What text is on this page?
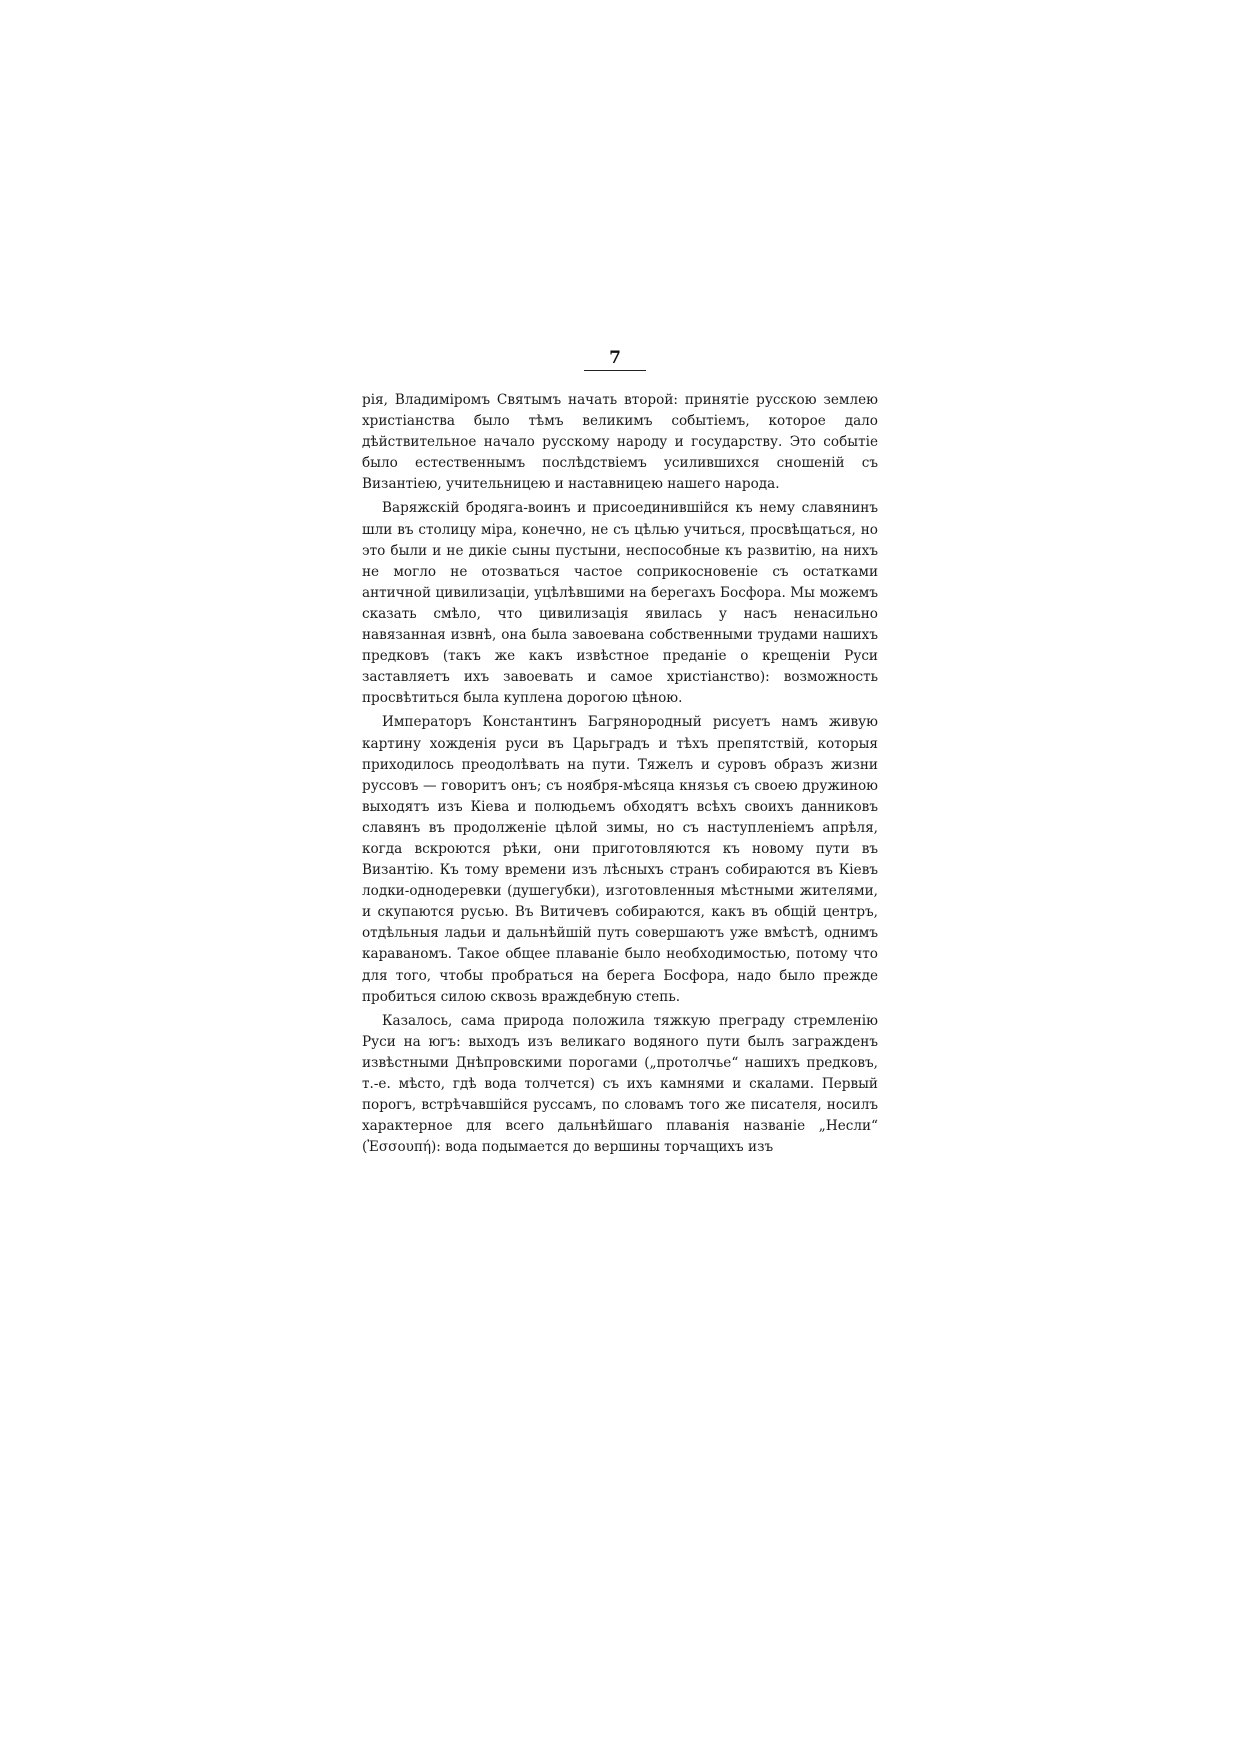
7

рія, Владиміромъ Святымъ начать второй: принятіе русскою землею христіанства было тѣмъ великимъ событіемъ, которое дало дѣйствительное начало русскому народу и государству. Это событіе было естественнымъ послѣдствіемъ усилившихся сношеній съ Византіею, учительницею и наставницею нашего народа.

Варяжскій бродяга-воинъ и присоединившійся къ нему славянинъ шли въ столицу міра, конечно, не съ цѣлью учиться, просвѣщаться, но это были и не дикіе сыны пустыни, неспособные къ развитію, на нихъ не могло не отозваться частое соприкосновеніе съ остатками античной цивилизаціи, уцѣлѣвшими на берегахъ Босфора. Мы можемъ сказать смѣло, что цивилизація явилась у насъ ненасильно навязанная извнѣ, она была завоевана собственными трудами нашихъ предковъ (такъ же какъ извѣстное преданіе о крещеніи Руси заставляетъ ихъ завоевать и самое христіанство): возможность просвѣтиться была куплена дорогою цѣною.

Императоръ Константинъ Багрянородный рисуетъ намъ живую картину хожденія руси въ Царьградъ и тѣхъ препятствій, которыя приходилось преодолѣвать на пути. Тяжелъ и суровъ образъ жизни руссовъ — говоритъ онъ; съ ноября-мѣсяца князья съ своею дружиною выходятъ изъ Кіева и полюдьемъ обходятъ всѣхъ своихъ данниковъ славянъ въ продолженіе цѣлой зимы, но съ наступленіемъ апрѣля, когда вскроются рѣки, они приготовляются къ новому пути въ Византію. Къ тому времени изъ лѣсныхъ странъ собираются въ Кіевъ лодки-однодеревки (душегубки), изготовленныя мѣстными жителями, и скупаются русью. Въ Витичевъ собираются, какъ въ общій центръ, отдѣльныя ладьи и дальнѣйшій путь совершаютъ уже вмѣстѣ, однимъ караваномъ. Такое общее плаваніе было необходимостью, потому что для того, чтобы пробраться на берега Босфора, надо было прежде пробиться силою сквозь враждебную степь.

Казалось, сама природа положила тяжкую преграду стремленію Руси на югъ: выходъ изъ великаго водяного пути былъ загражденъ извѣстными Днѣпровскими порогами („протолчье“ нашихъ предковъ, т.-е. мѣсто, гдѣ вода толчется) съ ихъ камнями и скалами. Первый порогъ, встрѣчавшійся руссамъ, по словамъ того же писателя, носилъ характерное для всего дальнѣйшаго плаванія названіе „Несли“ (Ἐσσουπή): вода подымается до вершины торчащихъ изъ
